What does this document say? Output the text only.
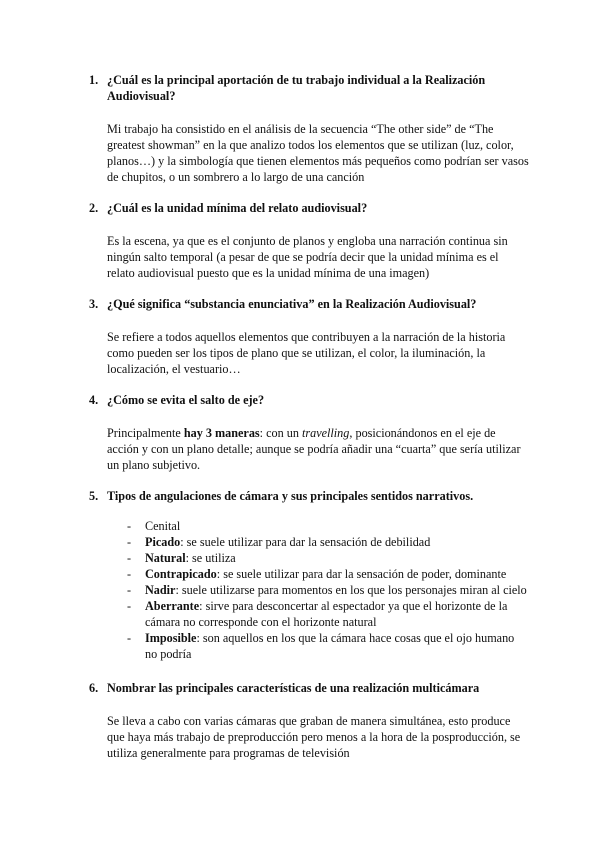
1. ¿Cuál es la principal aportación de tu trabajo individual a la Realización Audiovisual?

Mi trabajo ha consistido en el análisis de la secuencia “The other side” de “The greatest showman” en la que analizo todos los elementos que se utilizan (luz, color, planos…) y la simbología que tienen elementos más pequeños como podrían ser vasos de chupitos, o un sombrero a lo largo de una canción

2. ¿Cuál es la unidad mínima del relato audiovisual?

Es la escena, ya que es el conjunto de planos y engloba una narración continua sin ningún salto temporal (a pesar de que se podría decir que la unidad mínima es el relato audiovisual puesto que es la unidad mínima de una imagen)

3. ¿Qué significa “substancia enunciativa” en la Realización Audiovisual?

Se refiere a todos aquellos elementos que contribuyen a la narración de la historia como pueden ser los tipos de plano que se utilizan, el color, la iluminación, la localización, el vestuario…

4. ¿Cómo se evita el salto de eje?

Principalmente hay 3 maneras: con un travelling, posicionándonos en el eje de acción y con un plano detalle; aunque se podría añadir una “cuarta” que sería utilizar un plano subjetivo.

5. Tipos de angulaciones de cámara y sus principales sentidos narrativos.
-	Cenital
-	Picado: se suele utilizar para dar la sensación de debilidad
-	Natural: se utiliza
-	Contrapicado: se suele utilizar para dar la sensación de poder, dominante
-	Nadir: suele utilizarse para momentos en los que los personajes miran al cielo
-	Aberrante: sirve para desconcertar al espectador ya que el horizonte de la cámara no corresponde con el horizonte natural
-	Imposible: son aquellos en los que la cámara hace cosas que el ojo humano no podría
6. Nombrar las principales características de una realización multicámara

Se lleva a cabo con varias cámaras que graban de manera simultánea, esto produce que haya más trabajo de preproducción pero menos a la hora de la posproducción, se utiliza generalmente para programas de televisión
